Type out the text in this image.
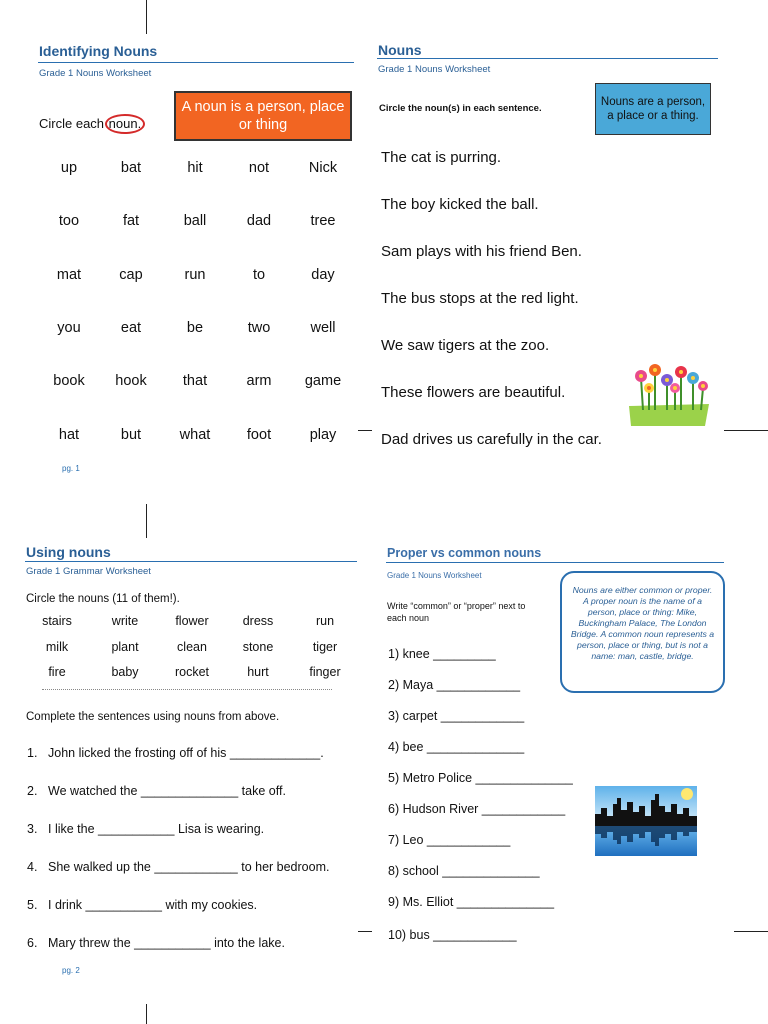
Identifying Nouns
Grade 1 Nouns Worksheet
Circle each noun.
A noun is a person, place or thing
up	bat	hit	not	Nick
too	fat	ball	dad	tree
mat	cap	run	to	day
you	eat	be	two	well
book	hook	that	arm	game
hat	but	what	foot	play
pg. 1
Nouns
Grade 1 Nouns Worksheet
Circle the noun(s) in each sentence.
Nouns are a person, a place or a thing.
The cat is purring.
The boy kicked the ball.
Sam plays with his friend Ben.
The bus stops at the red light.
We saw tigers at the zoo.
These flowers are beautiful.
Dad drives us carefully in the car.
Using nouns
Grade 1 Grammar Worksheet
Circle the nouns (11 of them!).
stairs	write	flower	dress	run
milk	plant	clean	stone	tiger
fire	baby	rocket	hurt	finger
Complete the sentences using nouns from above.
1. John licked the frosting off of his _____________.
2. We watched the ______________ take off.
3. I like the ___________ Lisa is wearing.
4. She walked up the ____________ to her bedroom.
5. I drink ___________ with my cookies.
6. Mary threw the ___________ into the lake.
pg. 2
Proper vs common nouns
Grade 1 Nouns Worksheet
Write “common” or “proper” next to each noun
Nouns are either common or proper. A proper noun is the name of a person, place or thing: Mike, Buckingham Palace, The London Bridge. A common noun represents a person, place or thing, but is not a name: man, castle, bridge.
1) knee _________
2) Maya ____________
3) carpet ____________
4) bee ______________
5) Metro Police ______________
6) Hudson River ____________
7) Leo ____________
8) school ______________
9) Ms. Elliot ______________
10) bus ____________
